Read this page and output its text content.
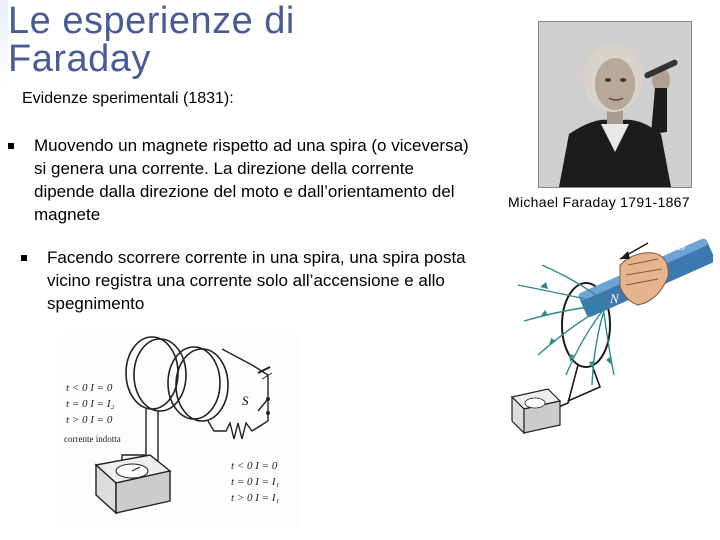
Le esperienze di
Faraday
Evidenze sperimentali (1831):
Muovendo un magnete rispetto ad una spira (o viceversa) si genera una corrente. La direzione della corrente dipende dalla direzione del moto e dall’orientamento del magnete
Facendo scorrere corrente in una spira, una spira posta vicino registra una corrente solo all’accensione e allo spegnimento
Michael Faraday 1791-1867
S
t < 0 I = 0
t = 0 I = I₂
t > 0 I = 0
corrente indotta
t < 0 I = 0
t = 0 I = I₁
t > 0 I = I₁
S
N
